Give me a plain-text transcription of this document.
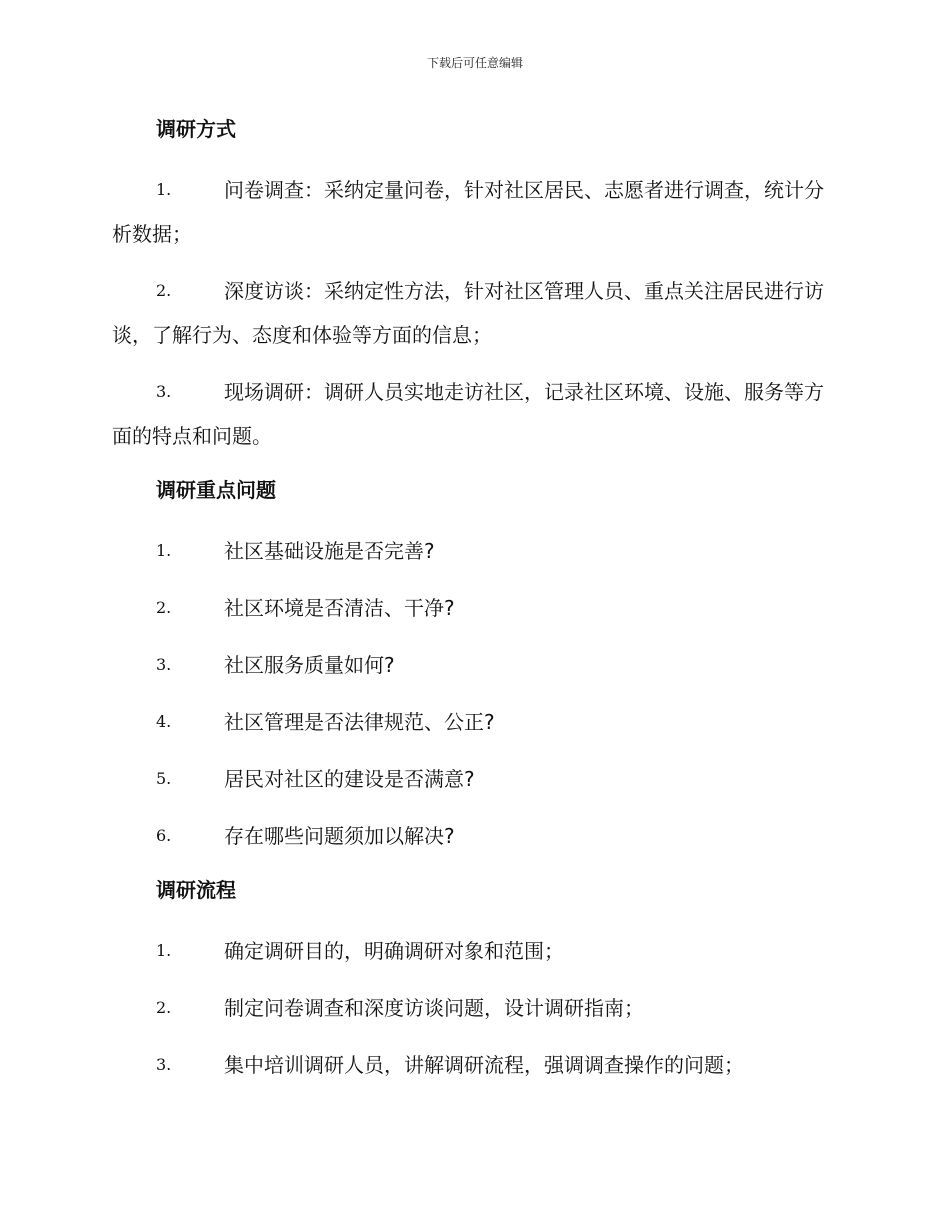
下载后可任意编辑
调研方式
1.	问卷调查：采纳定量问卷，针对社区居民、志愿者进行调查，统计分析数据；
2.	深度访谈：采纳定性方法，针对社区管理人员、重点关注居民进行访谈，了解行为、态度和体验等方面的信息；
3.	现场调研：调研人员实地走访社区，记录社区环境、设施、服务等方面的特点和问题。
调研重点问题
1.	社区基础设施是否完善?
2.	社区环境是否清洁、干净?
3.	社区服务质量如何?
4.	社区管理是否法律规范、公正?
5.	居民对社区的建设是否满意?
6.	存在哪些问题须加以解决?
调研流程
1.	确定调研目的，明确调研对象和范围；
2.	制定问卷调查和深度访谈问题，设计调研指南；
3.	集中培训调研人员，讲解调研流程，强调调查操作的问题；
